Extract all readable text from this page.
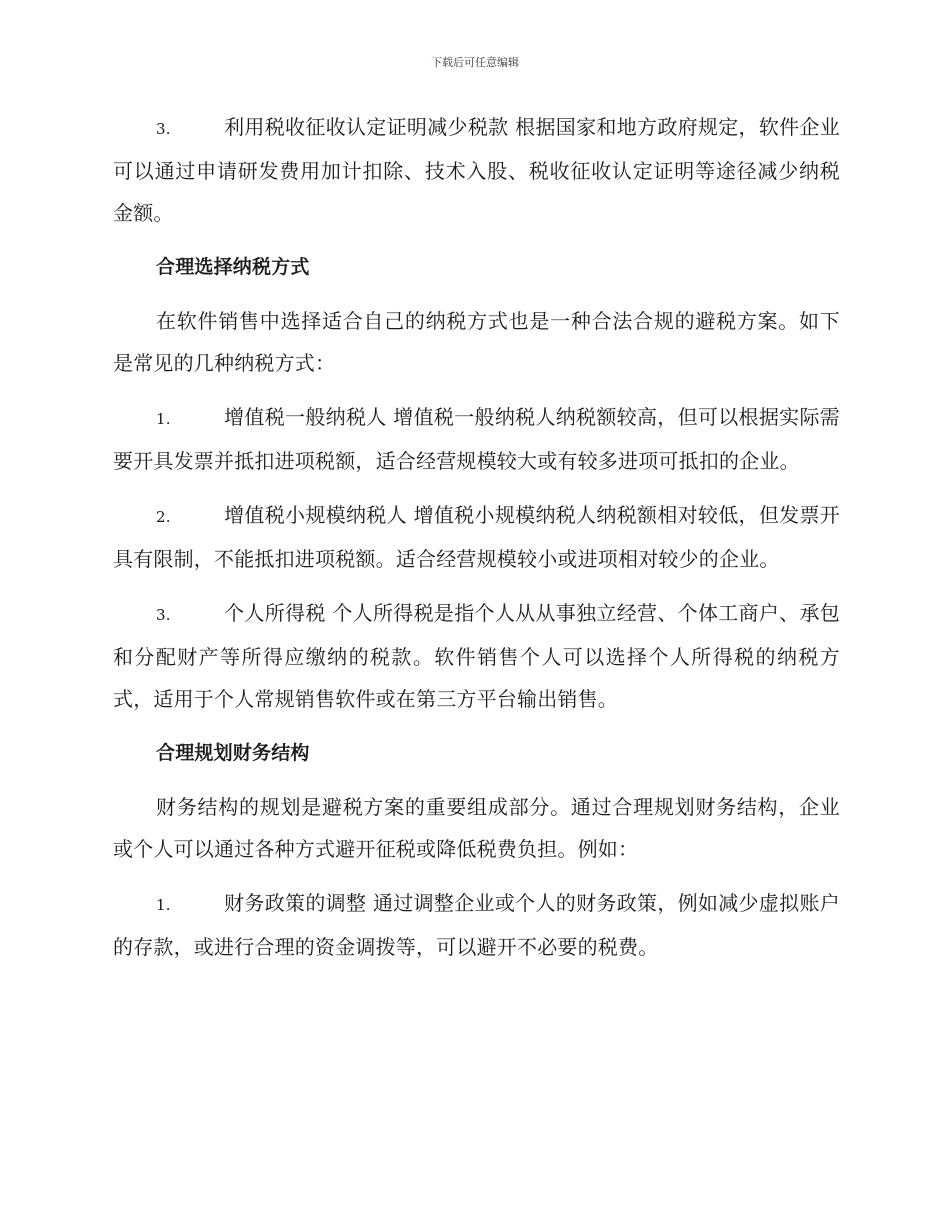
下载后可任意编辑

3.	利用税收征收认定证明减少税款 根据国家和地方政府规定，软件企业可以通过申请研发费用加计扣除、技术入股、税收征收认定证明等途径减少纳税金额。

合理选择纳税方式

在软件销售中选择适合自己的纳税方式也是一种合法合规的避税方案。如下是常见的几种纳税方式：

1.	增值税一般纳税人 增值税一般纳税人纳税额较高，但可以根据实际需要开具发票并抵扣进项税额，适合经营规模较大或有较多进项可抵扣的企业。

2.	增值税小规模纳税人 增值税小规模纳税人纳税额相对较低，但发票开具有限制，不能抵扣进项税额。适合经营规模较小或进项相对较少的企业。

3.	个人所得税 个人所得税是指个人从从事独立经营、个体工商户、承包和分配财产等所得应缴纳的税款。软件销售个人可以选择个人所得税的纳税方式，适用于个人常规销售软件或在第三方平台输出销售。

合理规划财务结构

财务结构的规划是避税方案的重要组成部分。通过合理规划财务结构，企业或个人可以通过各种方式避开征税或降低税费负担。例如：

1.	财务政策的调整 通过调整企业或个人的财务政策，例如减少虚拟账户的存款，或进行合理的资金调拨等，可以避开不必要的税费。
